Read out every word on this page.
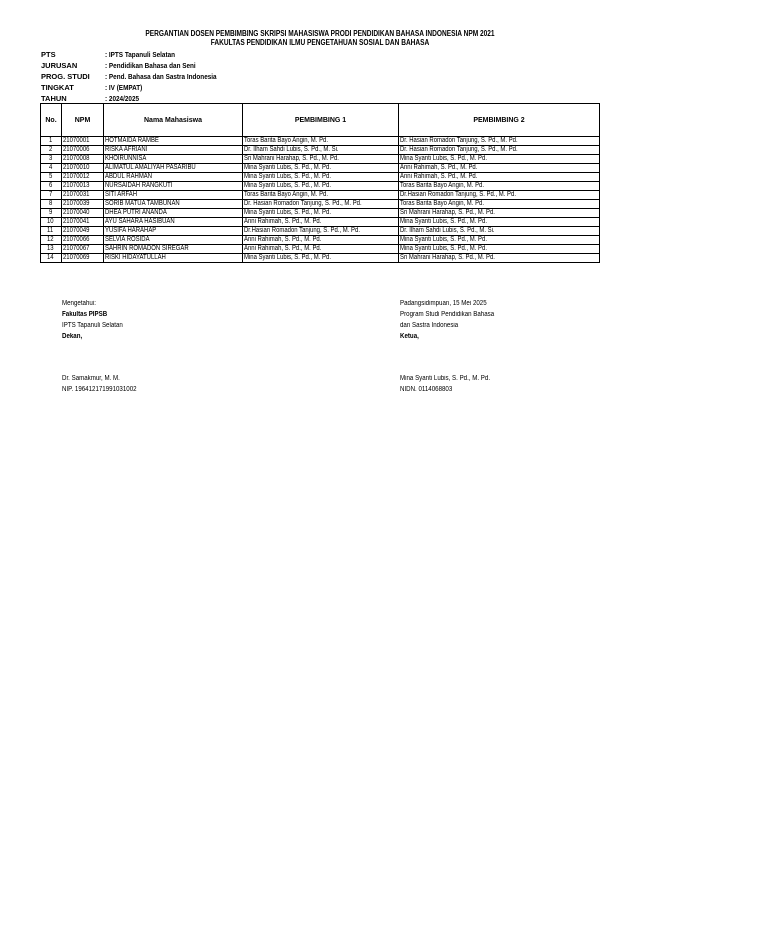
PERGANTIAN DOSEN PEMBIMBING SKRIPSI MAHASISWA PRODI PENDIDIKAN BAHASA INDONESIA NPM 2021
FAKULTAS PENDIDIKAN ILMU PENGETAHUAN SOSIAL DAN BAHASA
PTS	: IPTS Tapanuli Selatan
JURUSAN	: Pendidikan Bahasa dan Seni
PROG. STUDI : Pend. Bahasa dan Sastra Indonesia
TINGKAT	: IV (EMPAT)
TAHUN	: 2024/2025
No.	NPM	Nama Mahasiswa	PEMBIMBING 1	PEMBIMBING 2
1	21070001	HOTMAIDA RAMBE	Toras Barita Bayo Angin, M. Pd.	Dr. Hasian Romadon Tanjung, S. Pd., M. Pd.
2	21070006	RISKA AFRIANI	Dr. Ilham Sahdi Lubis, S. Pd., M. Si.	Dr. Hasian Romadon Tanjung, S. Pd., M. Pd.
3	21070008	KHOIRUNNISA	Sri Mahrani Harahap, S. Pd., M. Pd.	Mina Syanti Lubis, S. Pd., M. Pd.
4	21070010	ALIMATUL AMALIYAH PASARIBU	Mina Syanti Lubis, S. Pd., M. Pd.	Anni Rahimah, S. Pd., M. Pd.
5	21070012	ABDUL RAHMAN	Mina Syanti Lubis, S. Pd., M. Pd.	Anni Rahimah, S. Pd., M. Pd.
6	21070013	NURSAIDAH RANGKUTI	Mina Syanti Lubis, S. Pd., M. Pd.	Toras Barita Bayo Angin, M. Pd.
7	21070031	SITI ARFAH	Toras Barita Bayo Angin, M. Pd.	Dr.Hasian Romadon Tanjung, S. Pd., M. Pd.
8	21070039	SORIB MATUA TAMBUNAN	Dr. Hasian Romadon Tanjung, S. Pd., M. Pd.	Toras Barita Bayo Angin, M. Pd.
9	21070040	DHEA PUTRI ANANDA	Mina Syanti Lubis, S. Pd., M. Pd.	Sri Mahrani Harahap, S. Pd., M. Pd.
10	21070041	AYU SAHARA HASIBUAN	Anni Rahimah, S. Pd., M. Pd.	Mina Syanti Lubis, S. Pd., M. Pd.
11	21070049	YUSIFA HARAHAP	Dr.Hasian Romadon Tanjung, S. Pd., M. Pd.	Dr. Ilham Sahdi Lubis, S. Pd., M. Si.
12	21070066	SELVIA ROSIDA	Anni Rahimah, S. Pd., M. Pd.	Mina Syanti Lubis, S. Pd., M. Pd.
13	21070067	SAHRIN ROMADON SIREGAR	Anni Rahimah, S. Pd., M. Pd.	Mina Syanti Lubis, S. Pd., M. Pd.
14	21070069	RISKI HIDAYATULLAH	Mina Syanti Lubis, S. Pd., M. Pd.	Sri Mahrani Harahap, S. Pd., M. Pd.
Mengetahui:
Fakultas PIPSB
IPTS Tapanuli Selatan
Dekan,
Dr. Samakmur, M. M.
NIP. 196412171991031002
Padangsidimpuan, 15 Mei 2025
Program Studi Pendidikan Bahasa
dan Sastra Indonesia
Ketua,
Mina Syanti Lubis, S. Pd., M. Pd.
NIDN. 0114068803
